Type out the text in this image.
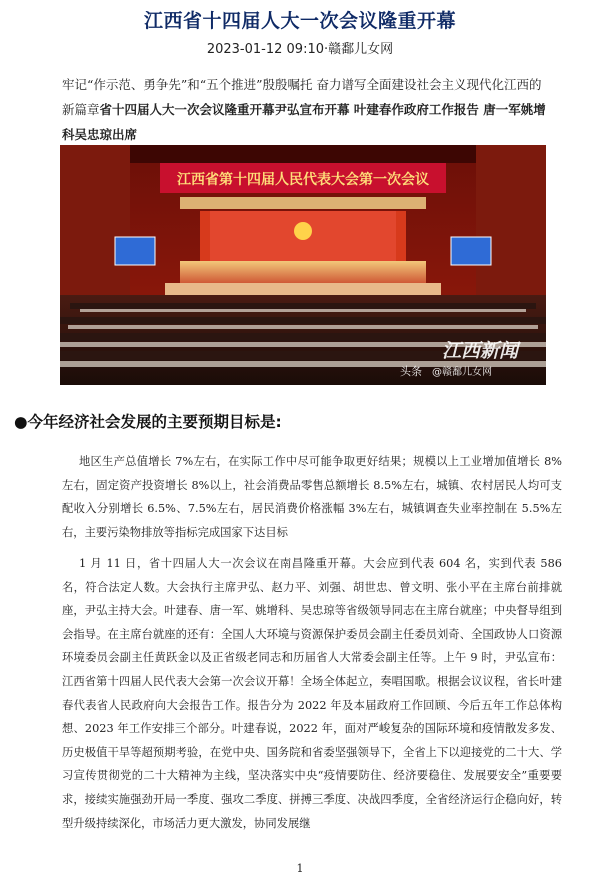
江西省十四届人大一次会议隆重开幕
2023-01-12 09:10·赣鄱儿女网
牢记“作示范、勇争先”和“五个推进”殷殷嘱托 奋力谱写全面建设社会主义现代化江西的新篇章省十四届人大一次会议隆重开幕尹弘宣布开幕 叶建春作政府工作报告 唐一军姚增科吴忠琼出席
江西省第十四届人民代表大会第一次会议
江西新闻
头条 @赣鄱儿女网
●今年经济社会发展的主要预期目标是:

地区生产总值增长 7%左右，在实际工作中尽可能争取更好结果；规模以上工业增加值增长 8%左右，固定资产投资增长 8%以上，社会消费品零售总额增长 8.5%左右，城镇、农村居民人均可支配收入分别增长 6.5%、7.5%左右，居民消费价格涨幅 3%左右，城镇调查失业率控制在 5.5%左右，主要污染物排放等指标完成国家下达目标

1 月 11 日，省十四届人大一次会议在南昌隆重开幕。大会应到代表 604 名，实到代表 586 名，符合法定人数。大会执行主席尹弘、赵力平、刘强、胡世忠、曾文明、张小平在主席台前排就座，尹弘主持大会。叶建春、唐一军、姚增科、吴忠琼等省级领导同志在主席台就座；中央督导组到会指导。在主席台就座的还有：全国人大环境与资源保护委员会副主任委员刘奇、全国政协人口资源环境委员会副主任黄跃金以及正省级老同志和历届省人大常委会副主任等。上午 9 时，尹弘宣布：江西省第十四届人民代表大会第一次会议开幕！全场全体起立，奏唱国歌。根据会议议程，省长叶建春代表省人民政府向大会报告工作。报告分为 2022 年及本届政府工作回顾、今后五年工作总体构想、2023 年工作安排三个部分。叶建春说，2022 年，面对严峻复杂的国际环境和疫情散发多发、历史极值干旱等超预期考验，在党中央、国务院和省委坚强领导下，全省上下以迎接党的二十大、学习宣传贯彻党的二十大精神为主线，坚决落实中央“疫情要防住、经济要稳住、发展要安全”重要要求，接续实施强劲开局一季度、强攻二季度、拼搏三季度、决战四季度，全省经济运行企稳向好，转型升级持续深化，市场活力更大激发，协同发展继

1
